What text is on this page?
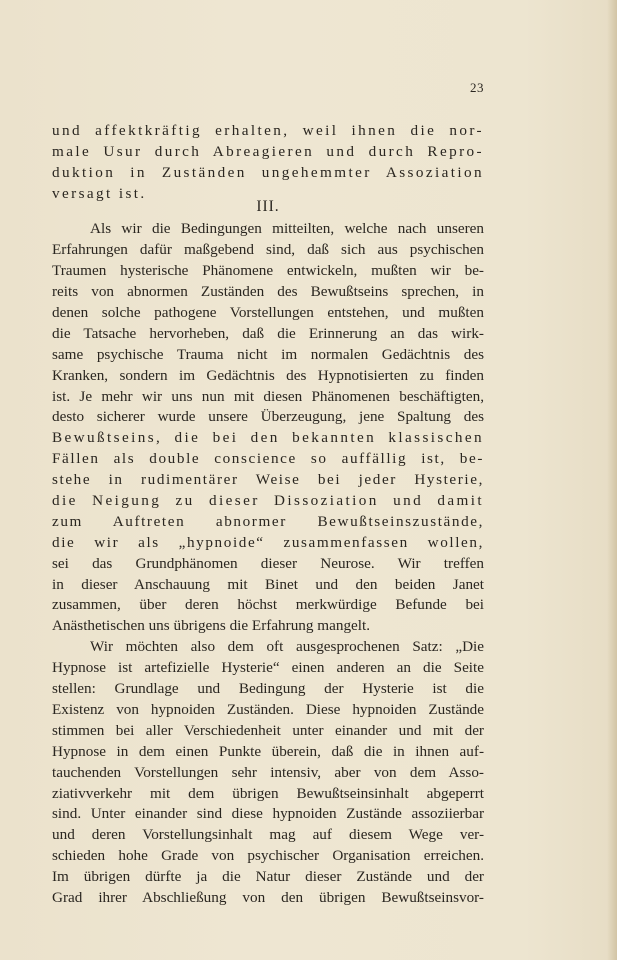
23
und affektkräftig erhalten, weil ihnen die nor-
male Usur durch Abreagieren und durch Repro-
duktion in Zuständen ungehemmter Assoziation
versagt ist.
III.
Als wir die Bedingungen mitteilten, welche nach unseren
Erfahrungen dafür maßgebend sind, daß sich aus psychischen
Traumen hysterische Phänomene entwickeln, mußten wir be-
reits von abnormen Zuständen des Bewußtseins sprechen, in
denen solche pathogene Vorstellungen entstehen, und mußten
die Tatsache hervorheben, daß die Erinnerung an das wirk-
same psychische Trauma nicht im normalen Gedächtnis des
Kranken, sondern im Gedächtnis des Hypnotisierten zu finden
ist. Je mehr wir uns nun mit diesen Phänomenen beschäftigten,
desto sicherer wurde unsere Überzeugung, jene Spaltung des
Bewußtseins, die bei den bekannten klassischen
Fällen als double conscience so auffällig ist, be-
stehe in rudimentärer Weise bei jeder Hysterie,
die Neigung zu dieser Dissoziation und damit
zum Auftreten abnormer Bewußtseinszustände,
die wir als „hypnoide“ zusammenfassen wollen,
sei das Grundphänomen dieser Neurose. Wir treffen
in dieser Anschauung mit Binet und den beiden Janet
zusammen, über deren höchst merkwürdige Befunde bei
Anästhetischen uns übrigens die Erfahrung mangelt.
Wir möchten also dem oft ausgesprochenen Satz: „Die
Hypnose ist artefizielle Hysterie“ einen anderen an die Seite
stellen: Grundlage und Bedingung der Hysterie ist die
Existenz von hypnoiden Zuständen. Diese hypnoiden Zustände
stimmen bei aller Verschiedenheit unter einander und mit der
Hypnose in dem einen Punkte überein, daß die in ihnen auf-
tauchenden Vorstellungen sehr intensiv, aber von dem Asso-
ziativverkehr mit dem übrigen Bewußtseinsinhalt abgeperrt
sind. Unter einander sind diese hypnoiden Zustände assoziierbar
und deren Vorstellungsinhalt mag auf diesem Wege ver-
schieden hohe Grade von psychischer Organisation erreichen.
Im übrigen dürfte ja die Natur dieser Zustände und der
Grad ihrer Abschließung von den übrigen Bewußtseinsvor-
